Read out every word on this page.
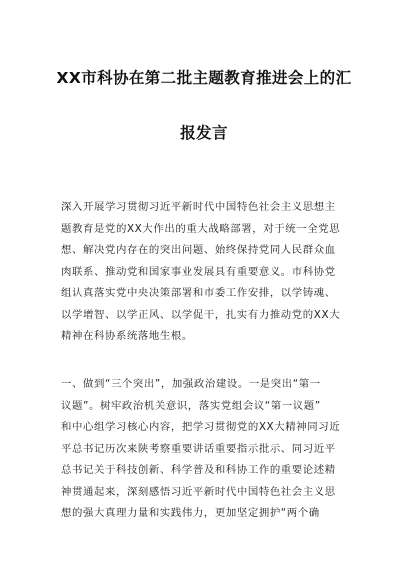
XX市科协在第二批主题教育推进会上的汇
报发言
深入开展学习贯彻习近平新时代中国特色社会主义思想主
题教育是党的XX大作出的重大战略部署，对于统一全党思
想、解决党内存在的突出问题、始终保持党同人民群众血
肉联系、推动党和国家事业发展具有重要意义。市科协党
组认真落实党中央决策部署和市委工作安排，以学铸魂、
以学增智、以学正风、以学促干，扎实有力推动党的XX大
精神在科协系统落地生根。
一、做到“三个突出”，加强政治建设。一是突出“第一
议题”。树牢政治机关意识，落实党组会议“第一议题”
和中心组学习核心内容，把学习贯彻党的XX大精神同习近
平总书记历次来陕考察重要讲话重要指示批示、同习近平
总书记关于科技创新、科学普及和科协工作的重要论述精
神贯通起来，深刻感悟习近平新时代中国特色社会主义思
想的强大真理力量和实践伟力，更加坚定拥护“两个确
